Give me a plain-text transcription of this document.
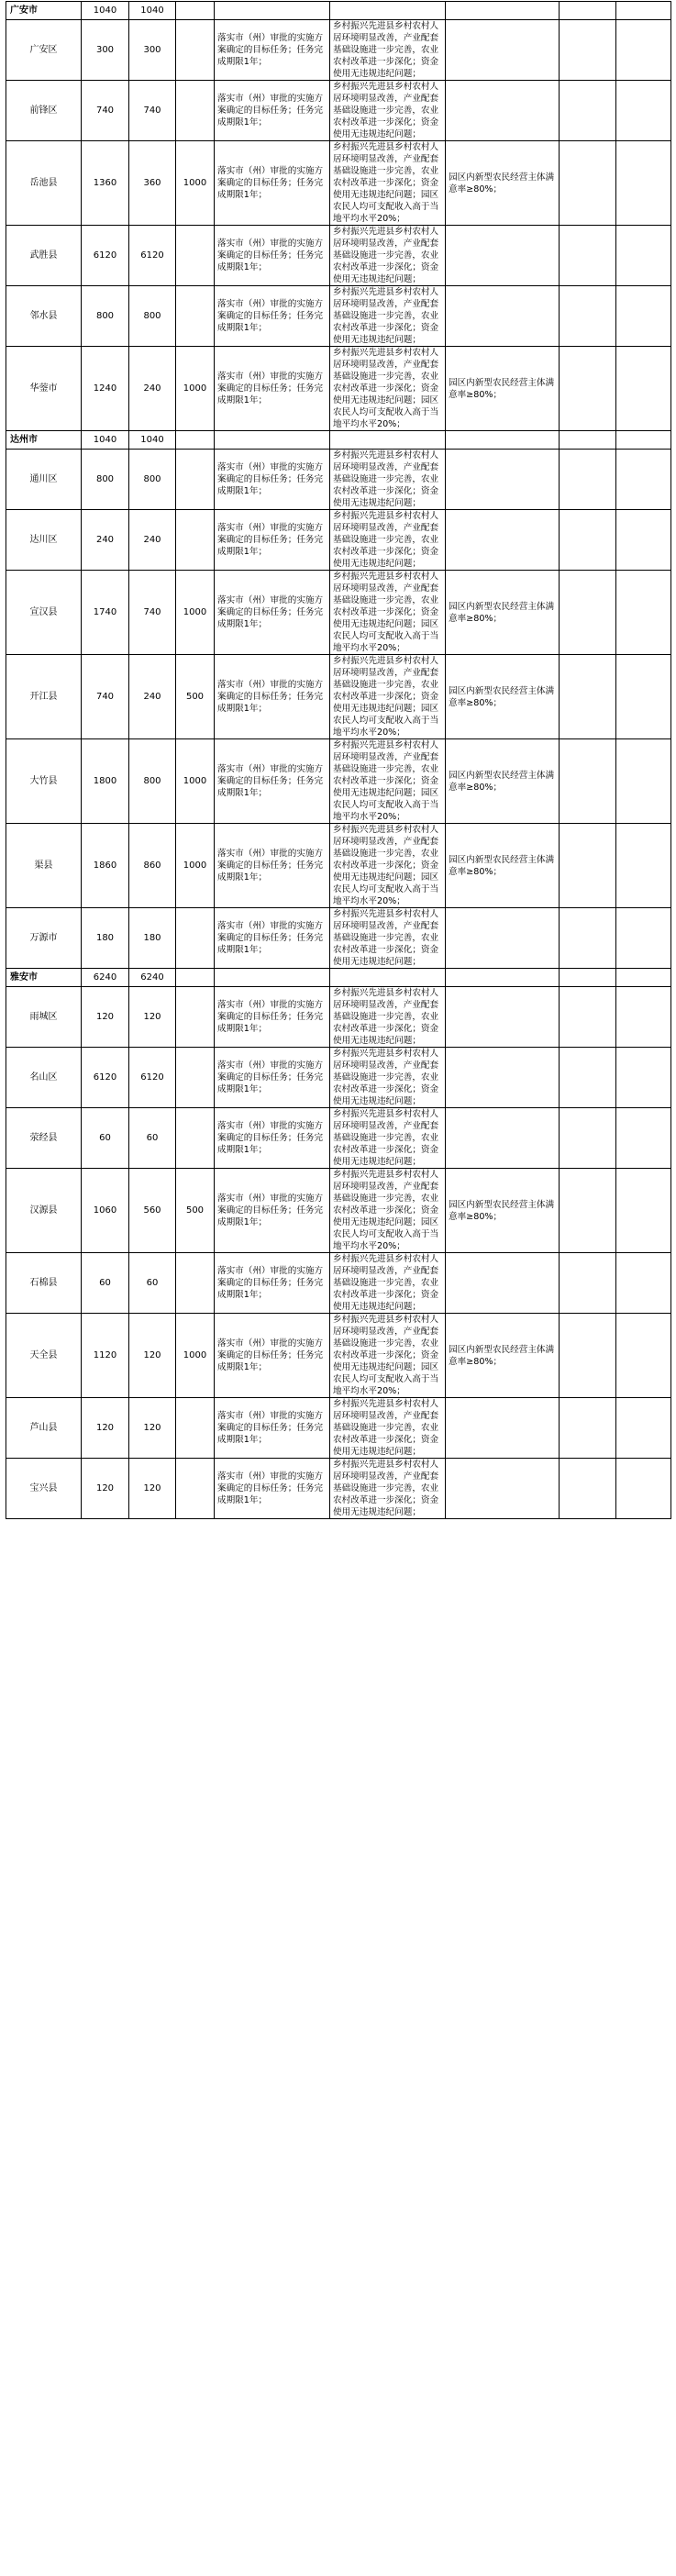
广安市	1040	1040						
广安区	300	300		落实市（州）审批的实施方案确定的目标任务；任务完成期限1年；	乡村振兴先进县乡村农村人居环境明显改善，产业配套基础设施进一步完善，农业农村改革进一步深化；资金使用无违规违纪问题；			
前锋区	740	740		落实市（州）审批的实施方案确定的目标任务；任务完成期限1年；	乡村振兴先进县乡村农村人居环境明显改善，产业配套基础设施进一步完善，农业农村改革进一步深化；资金使用无违规违纪问题；			
岳池县	1360	360	1000	落实市（州）审批的实施方案确定的目标任务；任务完成期限1年；	乡村振兴先进县乡村农村人居环境明显改善，产业配套基础设施进一步完善，农业农村改革进一步深化；资金使用无违规违纪问题；园区农民人均可支配收入高于当地平均水平20%；	园区内新型农民经营主体满意率≥80%；		
武胜县	6120	6120		落实市（州）审批的实施方案确定的目标任务；任务完成期限1年；	乡村振兴先进县乡村农村人居环境明显改善，产业配套基础设施进一步完善，农业农村改革进一步深化；资金使用无违规违纪问题；			
邻水县	800	800		落实市（州）审批的实施方案确定的目标任务；任务完成期限1年；	乡村振兴先进县乡村农村人居环境明显改善，产业配套基础设施进一步完善，农业农村改革进一步深化；资金使用无违规违纪问题；			
华蓥市	1240	240	1000	落实市（州）审批的实施方案确定的目标任务；任务完成期限1年；	乡村振兴先进县乡村农村人居环境明显改善，产业配套基础设施进一步完善，农业农村改革进一步深化；资金使用无违规违纪问题；园区农民人均可支配收入高于当地平均水平20%；	园区内新型农民经营主体满意率≥80%；		
达州市	1040	1040						
通川区	800	800		落实市（州）审批的实施方案确定的目标任务；任务完成期限1年；	乡村振兴先进县乡村农村人居环境明显改善，产业配套基础设施进一步完善，农业农村改革进一步深化；资金使用无违规违纪问题；			
达川区	240	240		落实市（州）审批的实施方案确定的目标任务；任务完成期限1年；	乡村振兴先进县乡村农村人居环境明显改善，产业配套基础设施进一步完善，农业农村改革进一步深化；资金使用无违规违纪问题；			
宣汉县	1740	740	1000	落实市（州）审批的实施方案确定的目标任务；任务完成期限1年；	乡村振兴先进县乡村农村人居环境明显改善，产业配套基础设施进一步完善，农业农村改革进一步深化；资金使用无违规违纪问题；园区农民人均可支配收入高于当地平均水平20%；	园区内新型农民经营主体满意率≥80%；		
开江县	740	240	500	落实市（州）审批的实施方案确定的目标任务；任务完成期限1年；	乡村振兴先进县乡村农村人居环境明显改善，产业配套基础设施进一步完善，农业农村改革进一步深化；资金使用无违规违纪问题；园区农民人均可支配收入高于当地平均水平20%；	园区内新型农民经营主体满意率≥80%；		
大竹县	1800	800	1000	落实市（州）审批的实施方案确定的目标任务；任务完成期限1年；	乡村振兴先进县乡村农村人居环境明显改善，产业配套基础设施进一步完善，农业农村改革进一步深化；资金使用无违规违纪问题；园区农民人均可支配收入高于当地平均水平20%；	园区内新型农民经营主体满意率≥80%；		
渠县	1860	860	1000	落实市（州）审批的实施方案确定的目标任务；任务完成期限1年；	乡村振兴先进县乡村农村人居环境明显改善，产业配套基础设施进一步完善，农业农村改革进一步深化；资金使用无违规违纪问题；园区农民人均可支配收入高于当地平均水平20%；	园区内新型农民经营主体满意率≥80%；		
万源市	180	180		落实市（州）审批的实施方案确定的目标任务；任务完成期限1年；	乡村振兴先进县乡村农村人居环境明显改善，产业配套基础设施进一步完善，农业农村改革进一步深化；资金使用无违规违纪问题；			
雅安市	6240	6240						
雨城区	120	120		落实市（州）审批的实施方案确定的目标任务；任务完成期限1年；	乡村振兴先进县乡村农村人居环境明显改善，产业配套基础设施进一步完善，农业农村改革进一步深化；资金使用无违规违纪问题；			
名山区	6120	6120		落实市（州）审批的实施方案确定的目标任务；任务完成期限1年；	乡村振兴先进县乡村农村人居环境明显改善，产业配套基础设施进一步完善，农业农村改革进一步深化；资金使用无违规违纪问题；			
荥经县	60	60		落实市（州）审批的实施方案确定的目标任务；任务完成期限1年；	乡村振兴先进县乡村农村人居环境明显改善，产业配套基础设施进一步完善，农业农村改革进一步深化；资金使用无违规违纪问题；			
汉源县	1060	560	500	落实市（州）审批的实施方案确定的目标任务；任务完成期限1年；	乡村振兴先进县乡村农村人居环境明显改善，产业配套基础设施进一步完善，农业农村改革进一步深化；资金使用无违规违纪问题；园区农民人均可支配收入高于当地平均水平20%；	园区内新型农民经营主体满意率≥80%；		
石棉县	60	60		落实市（州）审批的实施方案确定的目标任务；任务完成期限1年；	乡村振兴先进县乡村农村人居环境明显改善，产业配套基础设施进一步完善，农业农村改革进一步深化；资金使用无违规违纪问题；			
天全县	1120	120	1000	落实市（州）审批的实施方案确定的目标任务；任务完成期限1年；	乡村振兴先进县乡村农村人居环境明显改善，产业配套基础设施进一步完善，农业农村改革进一步深化；资金使用无违规违纪问题；园区农民人均可支配收入高于当地平均水平20%；	园区内新型农民经营主体满意率≥80%；		
芦山县	120	120		落实市（州）审批的实施方案确定的目标任务；任务完成期限1年；	乡村振兴先进县乡村农村人居环境明显改善，产业配套基础设施进一步完善，农业农村改革进一步深化；资金使用无违规违纪问题；			
宝兴县	120	120		落实市（州）审批的实施方案确定的目标任务；任务完成期限1年；	乡村振兴先进县乡村农村人居环境明显改善，产业配套基础设施进一步完善，农业农村改革进一步深化；资金使用无违规违纪问题；			
